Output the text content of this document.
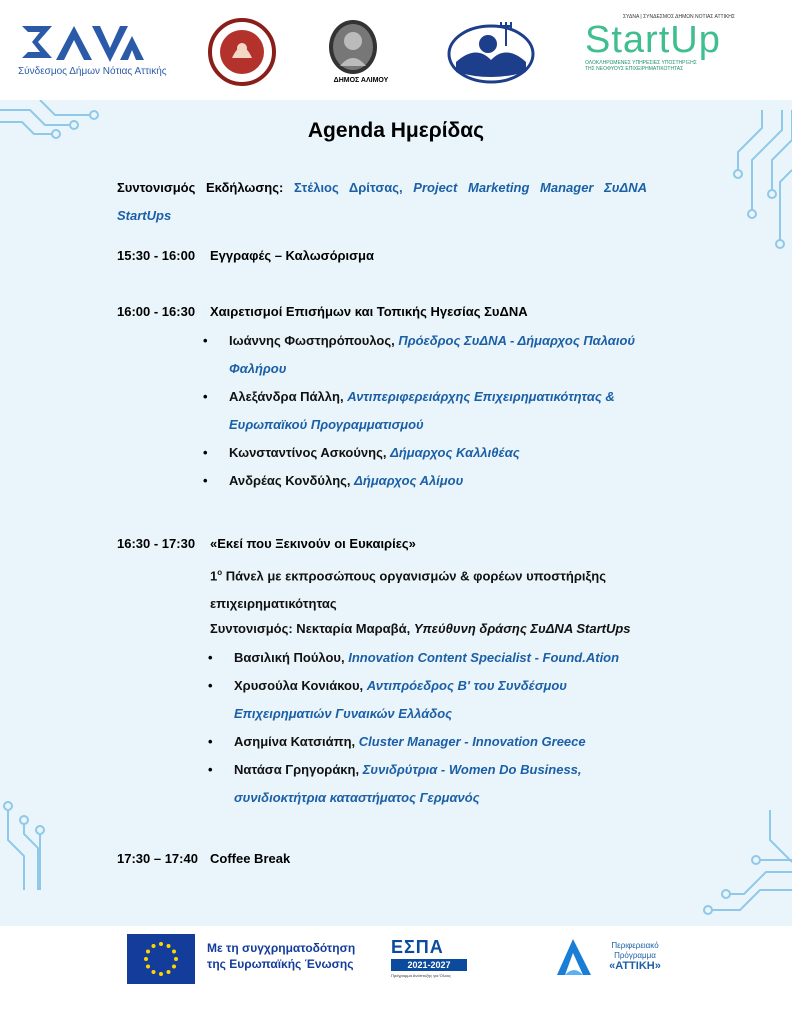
Σύνδεσμος Δήμων Νότιας Αττικής
ΔΗΜΟΣ ΑΛΙΜΟΥ
ΣΥΔΝΑ | ΣΥΝΔΕΣΜΟΣ ΔΗΜΩΝ ΝΟΤΙΑΣ ΑΤΤΙΚΗΣ
StartUp
ΟΛΟΚΛΗΡΩΜΕΝΕΣ ΥΠΗΡΕΣΙΕΣ ΥΠΟΣΤΗΡΙΞΗΣ
ΤΗΣ ΝΕΟΦΥΟΥΣ ΕΠΙΧΕΙΡΗΜΑΤΙΚΟΤΗΤΑΣ
Agenda Ημερίδας
Συντονισμός Εκδήλωσης: Στέλιος Δρίτσας, Project Marketing Manager ΣυΔΝΑ StartUps
15:30 - 16:00 Εγγραφές – Καλωσόρισμα
16:00 - 16:30 Χαιρετισμοί Επισήμων και Τοπικής Ηγεσίας ΣυΔΝΑ
• Ιωάννης Φωστηρόπουλος, Πρόεδρος ΣυΔΝΑ - Δήμαρχος Παλαιού Φαλήρου
• Αλεξάνδρα Πάλλη, Αντιπεριφερειάρχης Επιχειρηματικότητας & Ευρωπαϊκού Προγραμματισμού
• Κωνσταντίνος Ασκούνης, Δήμαρχος Καλλιθέας
• Ανδρέας Κονδύλης, Δήμαρχος Αλίμου
16:30 - 17:30 «Εκεί που Ξεκινούν οι Ευκαιρίες»
$1^o$ Πάνελ με εκπροσώπους οργανισμών & φορέων υποστήριξης επιχειρηματικότητας
Συντονισμός: Νεκταρία Μαραβά, Υπεύθυνη δράσης ΣυΔΝΑ StartUps
• Βασιλική Πούλου, Innovation Content Specialist - Found.Ation
• Χρυσούλα Κονιάκου, Αντιπρόεδρος Β' του Συνδέσμου Επιχειρηματιών Γυναικών Ελλάδος
• Ασημίνα Κατσιάπη, Cluster Manager - Innovation Greece
• Νατάσα Γρηγοράκη, Συνιδρύτρια - Women Do Business, συνιδιοκτήτρια καταστήματος Γερμανός
17:30 – 17:40 Coffee Break
Με τη συγχρηματοδότηση
της Ευρωπαϊκής Ένωσης
ΕΣΠΑ
2021-2027
Πρόγραμμα Ανάπτυξης για Όλους
Περιφερειακό
Πρόγραμμα
«ΑΤΤΙΚΗ»
